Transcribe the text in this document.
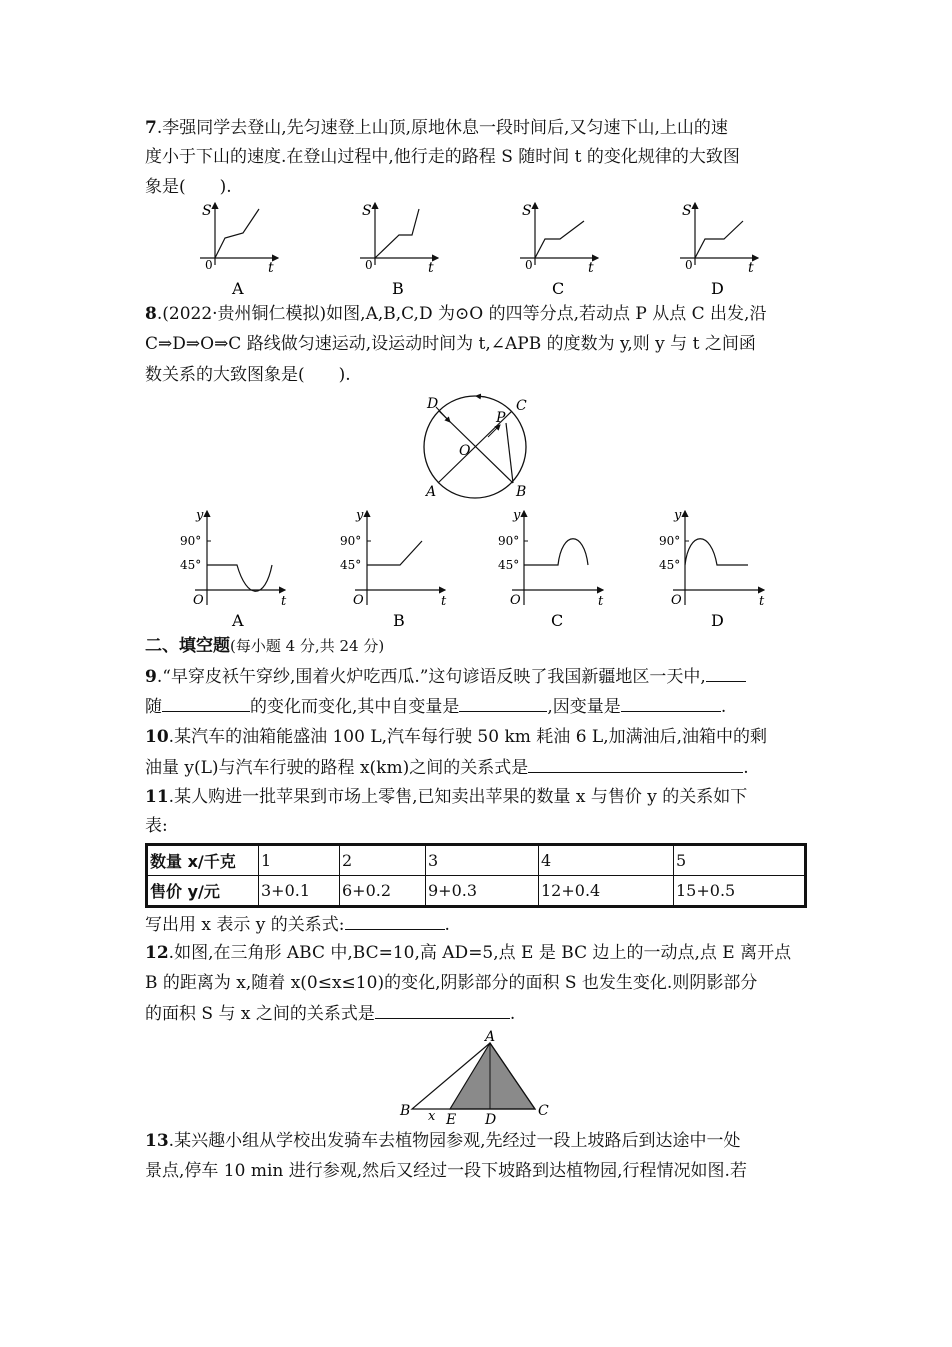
7.李强同学去登山,先匀速登上山顶,原地休息一段时间后,又匀速下山,上山的速
度小于下山的速度.在登山过程中,他行走的路程 S 随时间 t 的变化规律的大致图
象是(　　).
S
t
0
A
S
t
0
B
S
t
0
C
S
t
0
D
8.(2022·贵州铜仁模拟)如图,A,B,C,D 为⊙O 的四等分点,若动点 P 从点 C 出发,沿
C⇒D⇒O⇒C 路线做匀速运动,设运动时间为 t,∠APB 的度数为 y,则 y 与 t 之间函
数关系的大致图象是(　　).
D	C
P
O
A	B
y
t
O
90°
45°
A
y
t
O
90°
45°
B
y
t
O
90°
45°
C
y
t
O
90°
45°
D
二、填空题(每小题 4 分,共 24 分)
9.“早穿皮袄午穿纱,围着火炉吃西瓜.”这句谚语反映了我国新疆地区一天中,
随	的变化而变化,其中自变量是	,因变量是	.
10.某汽车的油箱能盛油 100 L,汽车每行驶 50 km 耗油 6 L,加满油后,油箱中的剩
油量 y(L)与汽车行驶的路程 x(km)之间的关系式是	.
11.某人购进一批苹果到市场上零售,已知卖出苹果的数量 x 与售价 y 的关系如下
表:
数量 x/千克	1	2	3	4	5
售价 y/元	3+0.1	6+0.2	9+0.3	12+0.4	15+0.5
写出用 x 表示 y 的关系式:	.
12.如图,在三角形 ABC 中,BC=10,高 AD=5,点 E 是 BC 边上的一动点,点 E 离开点
B 的距离为 x,随着 x(0≤x≤10)的变化,阴影部分的面积 S 也发生变化.则阴影部分
的面积 S 与 x 之间的关系式是	.
A
B	C
D
E
x
13.某兴趣小组从学校出发骑车去植物园参观,先经过一段上坡路后到达途中一处
景点,停车 10 min 进行参观,然后又经过一段下坡路到达植物园,行程情况如图.若
